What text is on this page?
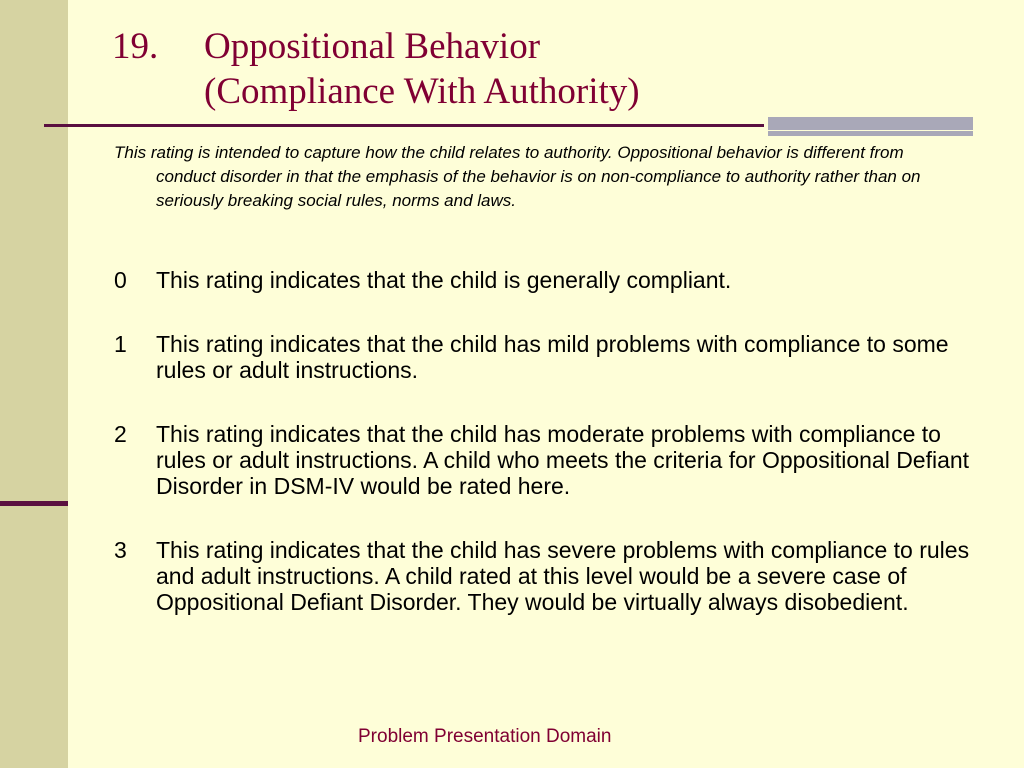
19.	Oppositional Behavior
(Compliance With Authority)

This rating is intended to capture how the child relates to authority. Oppositional behavior is different from conduct disorder in that the emphasis of the behavior is on non-compliance to authority rather than on seriously breaking social rules, norms and laws.

0	This rating indicates that the child is generally compliant.
1	This rating indicates that the child has mild problems with compliance to some rules or adult instructions.
2	This rating indicates that the child has moderate problems with compliance to rules or adult instructions. A child who meets the criteria for Oppositional Defiant Disorder in DSM-IV would be rated here.
3	This rating indicates that the child has severe problems with compliance to rules and adult instructions. A child rated at this level would be a severe case of Oppositional Defiant Disorder. They would be virtually always disobedient.
Problem Presentation Domain
